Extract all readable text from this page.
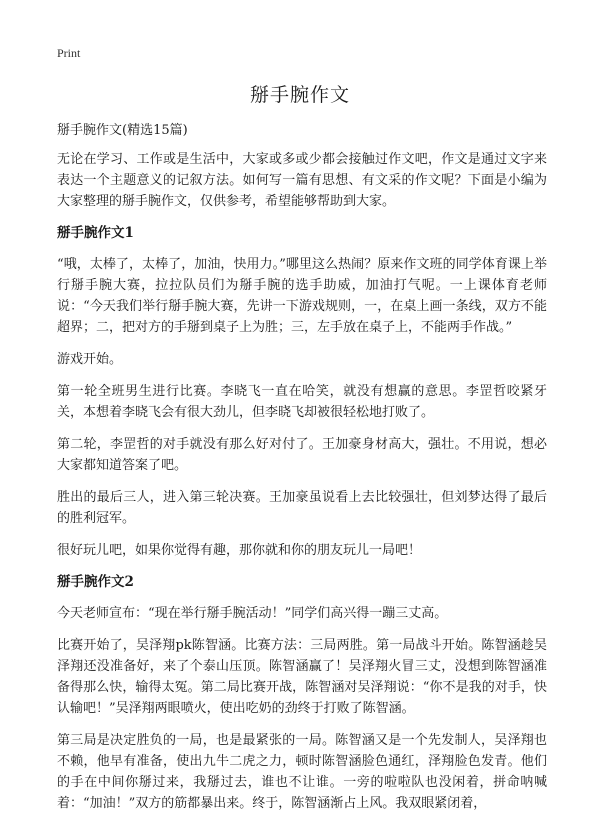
Print
掰手腕作文

掰手腕作文(精选15篇)

无论在学习、工作或是生活中，大家或多或少都会接触过作文吧，作文是通过文字来表达一个主题意义的记叙方法。如何写一篇有思想、有文采的作文呢？下面是小编为大家整理的掰手腕作文，仅供参考，希望能够帮助到大家。

掰手腕作文1

“哦，太棒了，太棒了，加油，快用力。”哪里这么热闹？原来作文班的同学体育课上举行掰手腕大赛，拉拉队员们为掰手腕的选手助威，加油打气呢。一上课体育老师说：“今天我们举行掰手腕大赛，先讲一下游戏规则，一，在桌上画一条线，双方不能超界；二，把对方的手掰到桌子上为胜；三，左手放在桌子上，不能两手作战。”

游戏开始。

第一轮全班男生进行比赛。李晓飞一直在哈笑，就没有想赢的意思。李罡哲咬紧牙关，本想着李晓飞会有很大劲儿，但李晓飞却被很轻松地打败了。

第二轮，李罡哲的对手就没有那么好对付了。王加豪身材高大，强壮。不用说，想必大家都知道答案了吧。

胜出的最后三人，进入第三轮决赛。王加豪虽说看上去比较强壮，但刘梦达得了最后的胜利冠军。

很好玩儿吧，如果你觉得有趣，那你就和你的朋友玩儿一局吧！

掰手腕作文2

今天老师宣布：“现在举行掰手腕活动！”同学们高兴得一蹦三丈高。

比赛开始了，吴泽翔pk陈智涵。比赛方法：三局两胜。第一局战斗开始。陈智涵趁吴泽翔还没准备好，来了个泰山压顶。陈智涵赢了！吴泽翔火冒三丈，没想到陈智涵准备得那么快，输得太冤。第二局比赛开战，陈智涵对吴泽翔说：“你不是我的对手，快认输吧！”吴泽翔两眼喷火，使出吃奶的劲终于打败了陈智涵。

第三局是决定胜负的一局，也是最紧张的一局。陈智涵又是一个先发制人，吴泽翔也不赖，他早有准备，使出九牛二虎之力，顿时陈智涵脸色通红，泽翔脸色发青。他们的手在中间你掰过来，我掰过去，谁也不让谁。一旁的啦啦队也没闲着，拼命呐喊着：“加油！”双方的筋都暴出来。终于，陈智涵渐占上风。我双眼紧闭着，
